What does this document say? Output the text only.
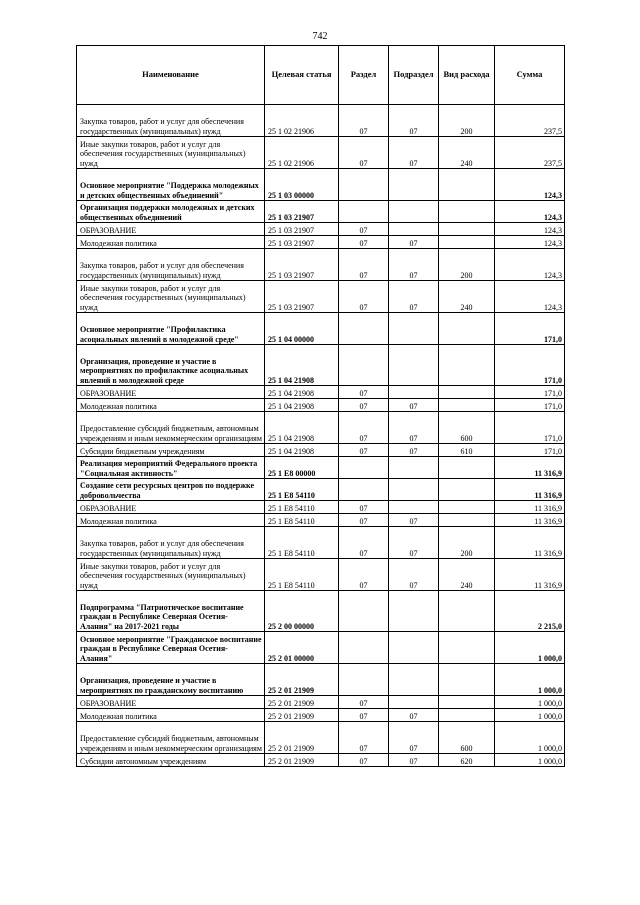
742
Наименование	Целевая статья	Раздел	Подраздел	Вид расхода	Сумма
Закупка товаров, работ и услуг для обеспечения государственных (муниципальных) нужд	25 1 02 21906	07	07	200	237,5
Иные закупки товаров, работ и услуг для обеспечения государственных (муниципальных) нужд	25 1 02 21906	07	07	240	237,5
Основное мероприятие "Поддержка молодежных и детских общественных объединений"	25 1 03 00000				124,3
Организация поддержки молодежных и детских общественных объединений	25 1 03 21907				124,3
ОБРАЗОВАНИЕ	25 1 03 21907	07			124,3
Молодежная политика	25 1 03 21907	07	07		124,3
Закупка товаров, работ и услуг для обеспечения государственных (муниципальных) нужд	25 1 03 21907	07	07	200	124,3
Иные закупки товаров, работ и услуг для обеспечения государственных (муниципальных) нужд	25 1 03 21907	07	07	240	124,3
Основное мероприятие "Профилактика асоциальных явлений в молодежной среде"	25 1 04 00000				171,0
Организация, проведение и участие в мероприятиях по профилактике асоциальных явлений в молодежной среде	25 1 04 21908				171,0
ОБРАЗОВАНИЕ	25 1 04 21908	07			171,0
Молодежная политика	25 1 04 21908	07	07		171,0
Предоставление субсидий бюджетным, автономным учреждениям и иным некоммерческим организациям	25 1 04 21908	07	07	600	171,0
Субсидии бюджетным учреждениям	25 1 04 21908	07	07	610	171,0
Реализация мероприятий Федерального проекта "Социальная активность"	25 1 E8 00000				11 316,9
Создание сети ресурсных центров по поддержке добровольчества	25 1 E8 54110				11 316,9
ОБРАЗОВАНИЕ	25 1 E8 54110	07			11 316,9
Молодежная политика	25 1 E8 54110	07	07		11 316,9
Закупка товаров, работ и услуг для обеспечения государственных (муниципальных) нужд	25 1 E8 54110	07	07	200	11 316,9
Иные закупки товаров, работ и услуг для обеспечения государственных (муниципальных) нужд	25 1 E8 54110	07	07	240	11 316,9
Подпрограмма "Патриотическое воспитание граждан в Республике Северная Осетия- Алания" на 2017-2021 годы	25 2 00 00000				2 215,0
Основное мероприятие "Гражданское воспитание граждан в Республике Северная Осетия- Алания"	25 2 01 00000				1 000,0
Организация, проведение и участие в мероприятиях по гражданскому воспитанию	25 2 01 21909				1 000,0
ОБРАЗОВАНИЕ	25 2 01 21909	07			1 000,0
Молодежная политика	25 2 01 21909	07	07		1 000,0
Предоставление субсидий бюджетным, автономным учреждениям и иным некоммерческим организациям	25 2 01 21909	07	07	600	1 000,0
Субсидии автономным учреждениям	25 2 01 21909	07	07	620	1 000,0
